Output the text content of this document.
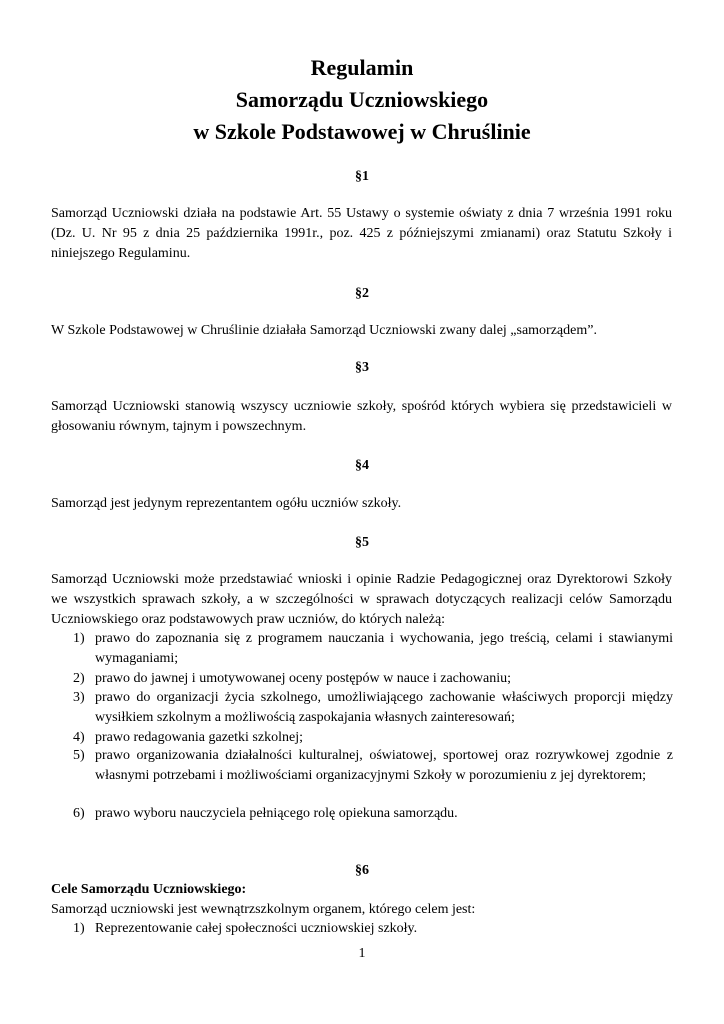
Regulamin
Samorządu Uczniowskiego
w Szkole Podstawowej w Chruślinie
§1
Samorząd Uczniowski działa na podstawie Art. 55 Ustawy o systemie oświaty z dnia 7 września 1991 roku (Dz. U. Nr 95 z dnia 25 października 1991r., poz. 425 z późniejszymi zmianami) oraz Statutu Szkoły i niniejszego Regulaminu.
§2
W Szkole Podstawowej w Chruślinie działała Samorząd Uczniowski zwany dalej „samorządem”.
§3
Samorząd Uczniowski stanowią wszyscy uczniowie szkoły, spośród których wybiera się przedstawicieli w głosowaniu równym, tajnym i powszechnym.
§4
Samorząd jest jedynym reprezentantem ogółu uczniów szkoły.
§5
Samorząd Uczniowski może przedstawiać wnioski i opinie Radzie Pedagogicznej oraz Dyrektorowi Szkoły we wszystkich sprawach szkoły, a w szczególności w sprawach dotyczących realizacji celów Samorządu Uczniowskiego oraz podstawowych praw uczniów, do których należą:
1) prawo do zapoznania się z programem nauczania i wychowania, jego treścią, celami i stawianymi wymaganiami;
2) prawo do jawnej i umotywowanej oceny postępów w nauce i zachowaniu;
3) prawo do organizacji życia szkolnego, umożliwiającego zachowanie właściwych proporcji między wysiłkiem szkolnym a możliwością zaspokajania własnych zainteresowań;
4) prawo redagowania gazetki szkolnej;
5) prawo organizowania działalności kulturalnej, oświatowej, sportowej oraz rozrywkowej zgodnie z własnymi potrzebami i możliwościami organizacyjnymi Szkoły w porozumieniu z jej dyrektorem;
6) prawo wyboru nauczyciela pełniącego rolę opiekuna samorządu.
§6
Cele Samorządu Uczniowskiego:
Samorząd uczniowski jest wewnątrzszkolnym organem, którego celem jest:
1) Reprezentowanie całej społeczności uczniowskiej szkoły.
1
